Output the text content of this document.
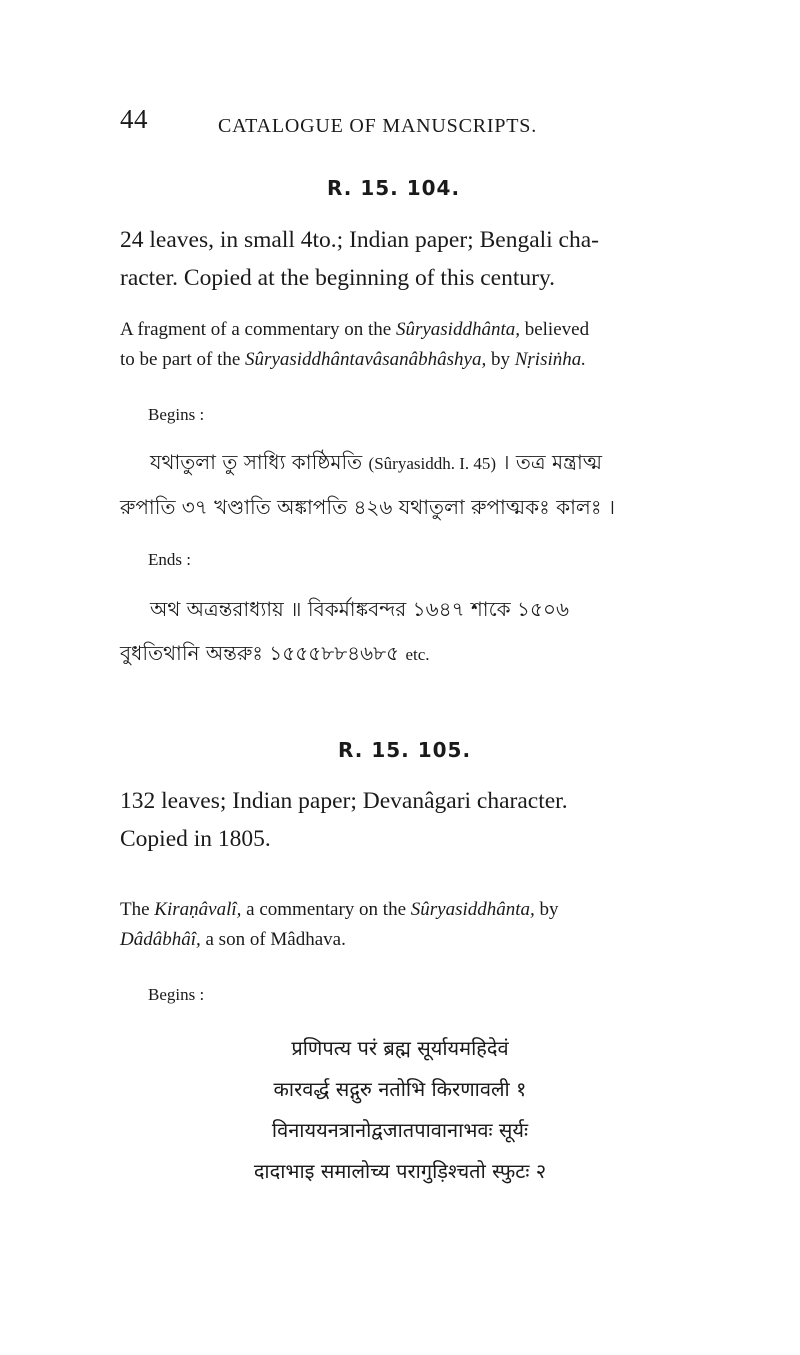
44	CATALOGUE OF MANUSCRIPTS.
R. 15. 104.
24 leaves, in small 4to.; Indian paper; Bengali cha-
racter. Copied at the beginning of this century.
A fragment of a commentary on the Sûryasiddhânta, believed
to be part of the Sûryasiddhântavâsanâbhâshya, by Nṛisiṅha.
Begins :
যথাতুলা তু সাধ্যি কাষ্ঠিমতি (Sûryasiddh. I. 45) । তত্র মন্ত্রাত্ম
রুপাতি ৩৭ খণ্ডাতি অঙ্কাপতি ৪২৬ যথাতুলা রুপাত্মকঃ কালঃ ।
Ends :
অথ অত্রন্তরাধ্যায় ॥ বিকর্মাঙ্কবন্দর ১৬৪৭ শাকে ১৫০৬
বুধতিথানি অন্তরুঃ ১৫৫৫৮৮৪৬৮৫ etc.
R. 15. 105.
132 leaves; Indian paper; Devanâgari character.
Copied in 1805.
The Kiraṇâvalî, a commentary on the Sûryasiddhânta, by
Dâdâbhâî, a son of Mâdhava.
Begins :
प्रणिपत्य परं ब्रह्म सूर्यायमहिदेवं
कारवर्द्ध सद्गुरु नतोभि किरणावली १
विनाययनत्रानोद्वजातपावानाभवः सूर्यः
दादाभाइ समालोच्य परागुड़िश्चतो स्फुटः २
